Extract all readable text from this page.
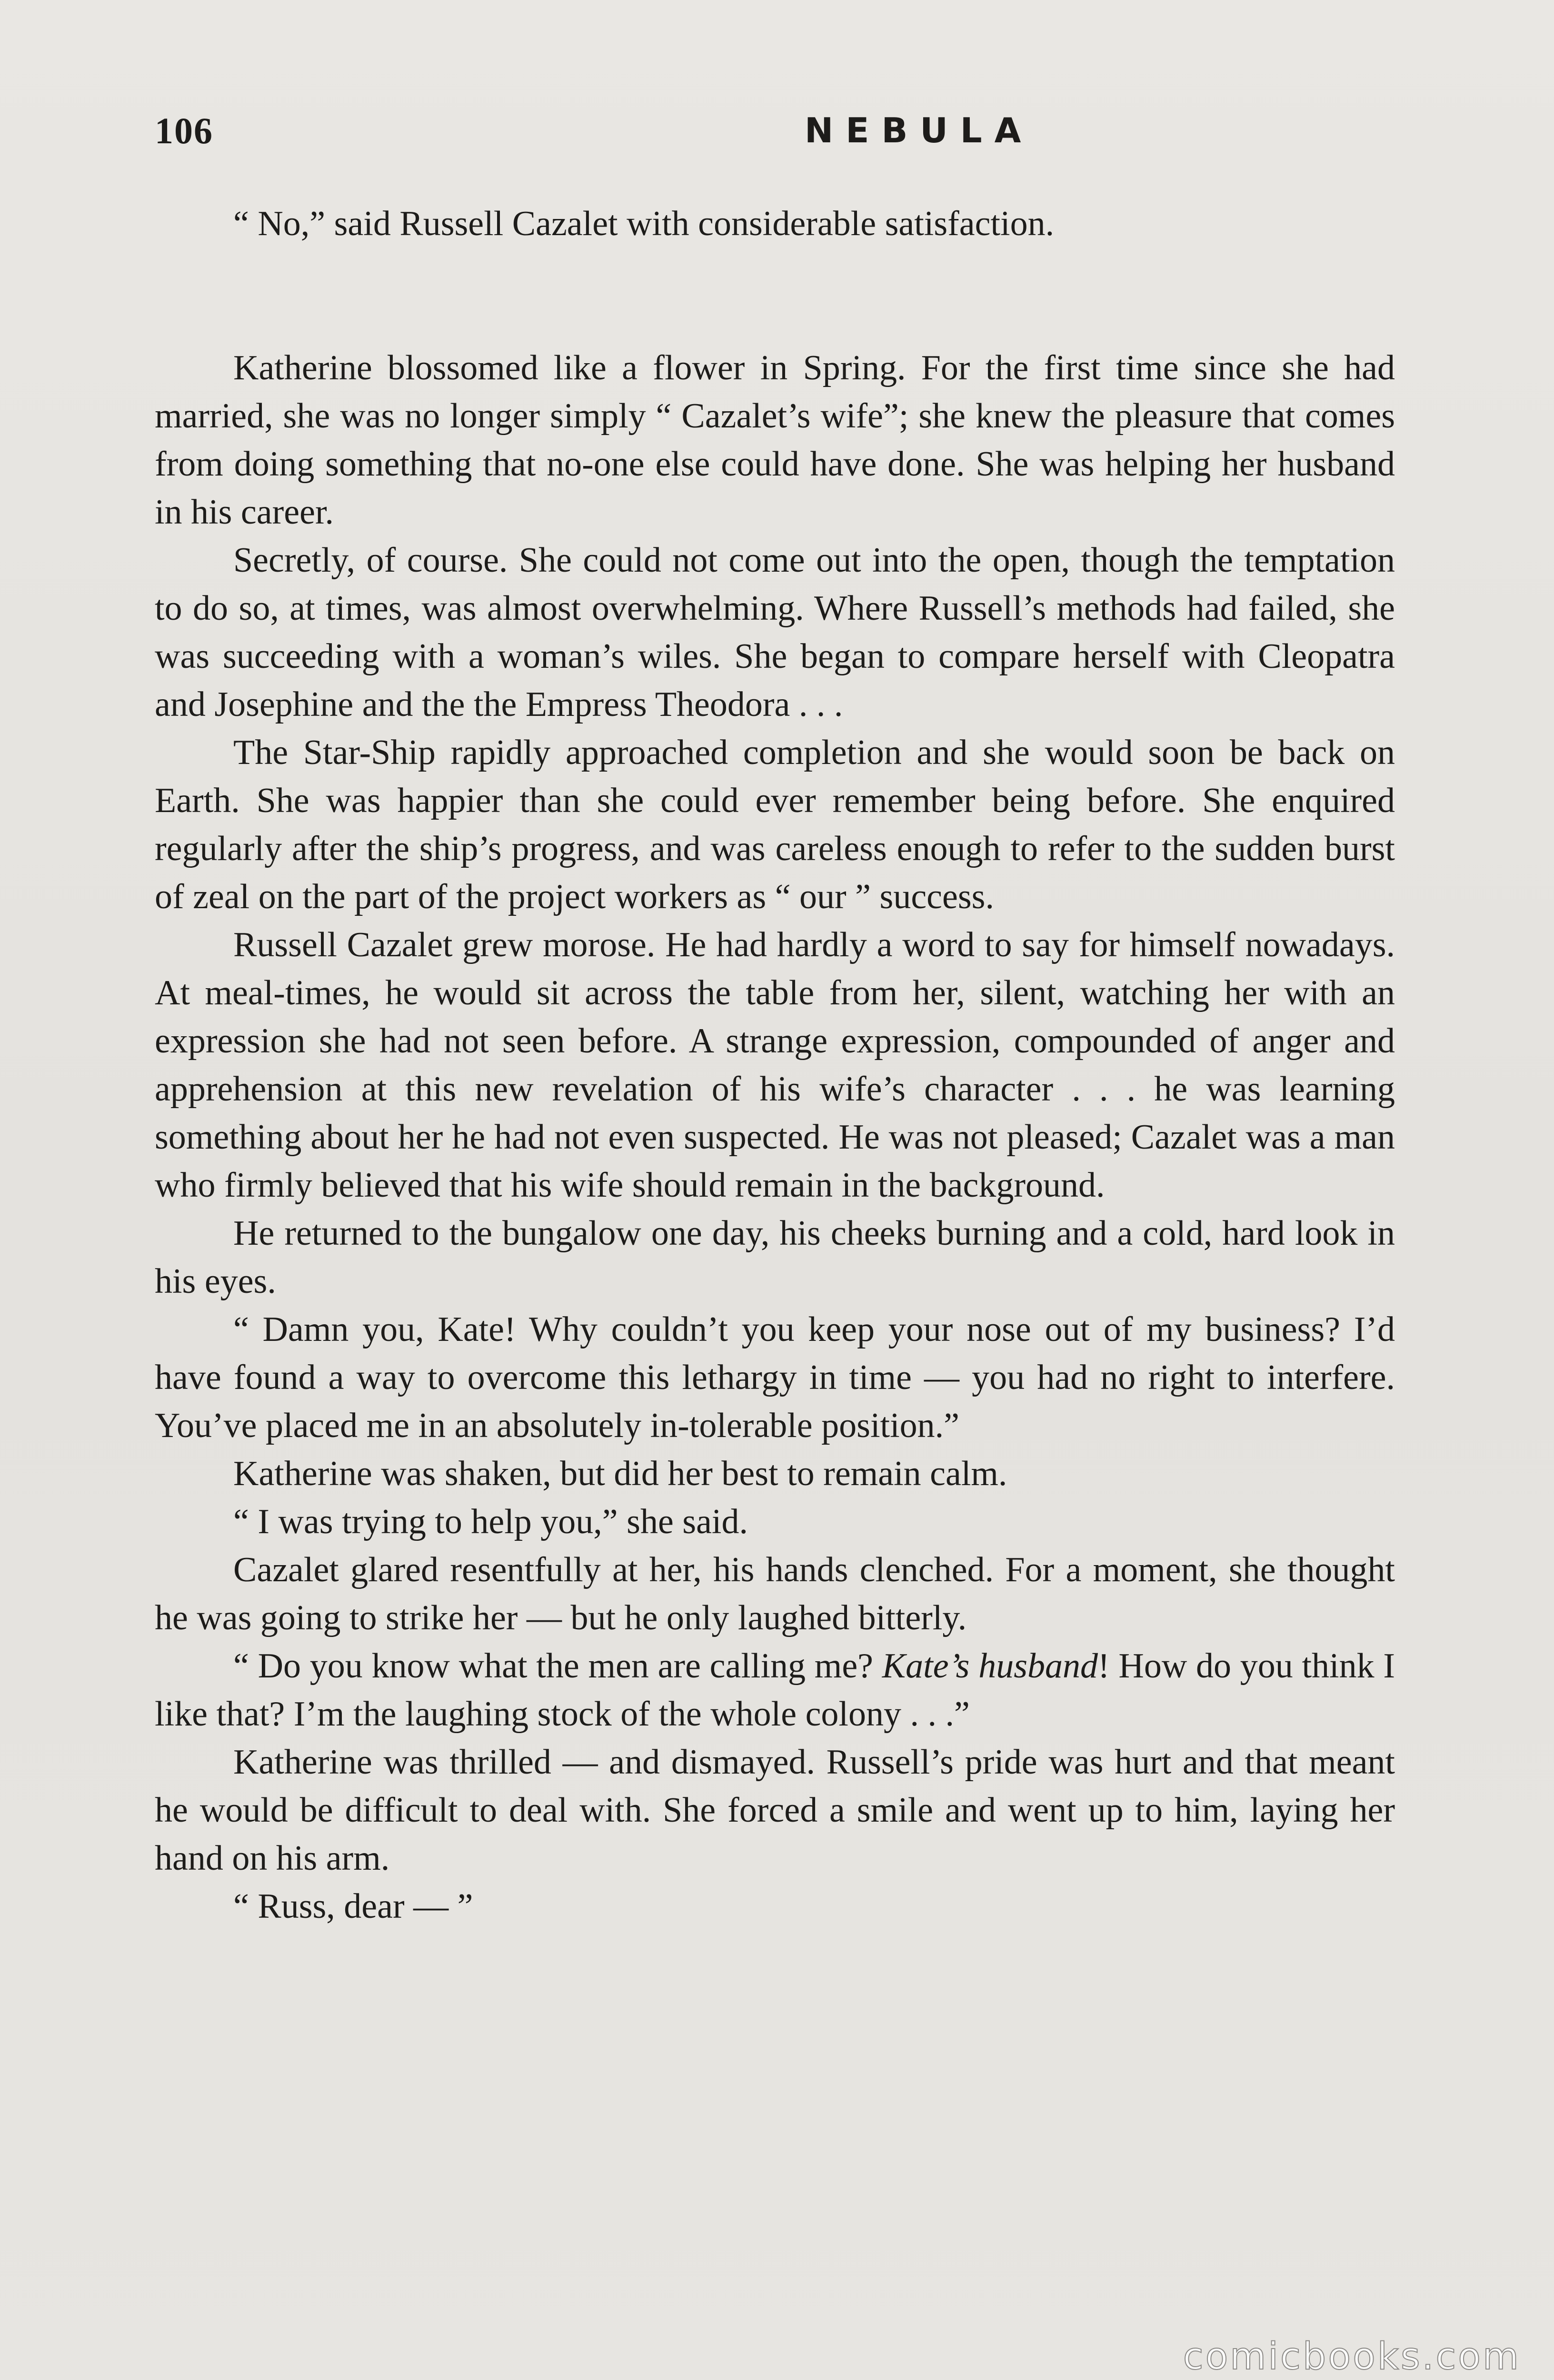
106	NEBULA

“ No,” said Russell Cazalet with considerable satisfaction.

Katherine blossomed like a flower in Spring. For the first time since she had married, she was no longer simply “ Cazalet’s wife”; she knew the pleasure that comes from doing something that no-one else could have done. She was helping her husband in his career.

Secretly, of course. She could not come out into the open, though the temptation to do so, at times, was almost overwhelming. Where Russell’s methods had failed, she was succeeding with a woman’s wiles. She began to compare herself with Cleopatra and Josephine and the the Empress Theodora . . .

The Star-Ship rapidly approached completion and she would soon be back on Earth. She was happier than she could ever remember being before. She enquired regularly after the ship’s progress, and was careless enough to refer to the sudden burst of zeal on the part of the project workers as “ our ” success.

Russell Cazalet grew morose. He had hardly a word to say for himself nowadays. At meal-times, he would sit across the table from her, silent, watching her with an expression she had not seen before. A strange expression, compounded of anger and apprehension at this new revelation of his wife’s character . . . he was learning something about her he had not even suspected. He was not pleased; Cazalet was a man who firmly believed that his wife should remain in the background.

He returned to the bungalow one day, his cheeks burning and a cold, hard look in his eyes.

“ Damn you, Kate! Why couldn’t you keep your nose out of my business? I’d have found a way to overcome this lethargy in time — you had no right to interfere. You’ve placed me in an absolutely in-tolerable position.”

Katherine was shaken, but did her best to remain calm.

“ I was trying to help you,” she said.

Cazalet glared resentfully at her, his hands clenched. For a moment, she thought he was going to strike her — but he only laughed bitterly.

“ Do you know what the men are calling me? Kate’s husband! How do you think I like that? I’m the laughing stock of the whole colony . . .”

Katherine was thrilled — and dismayed. Russell’s pride was hurt and that meant he would be difficult to deal with. She forced a smile and went up to him, laying her hand on his arm.

“ Russ, dear — ”

comicbooks.com
